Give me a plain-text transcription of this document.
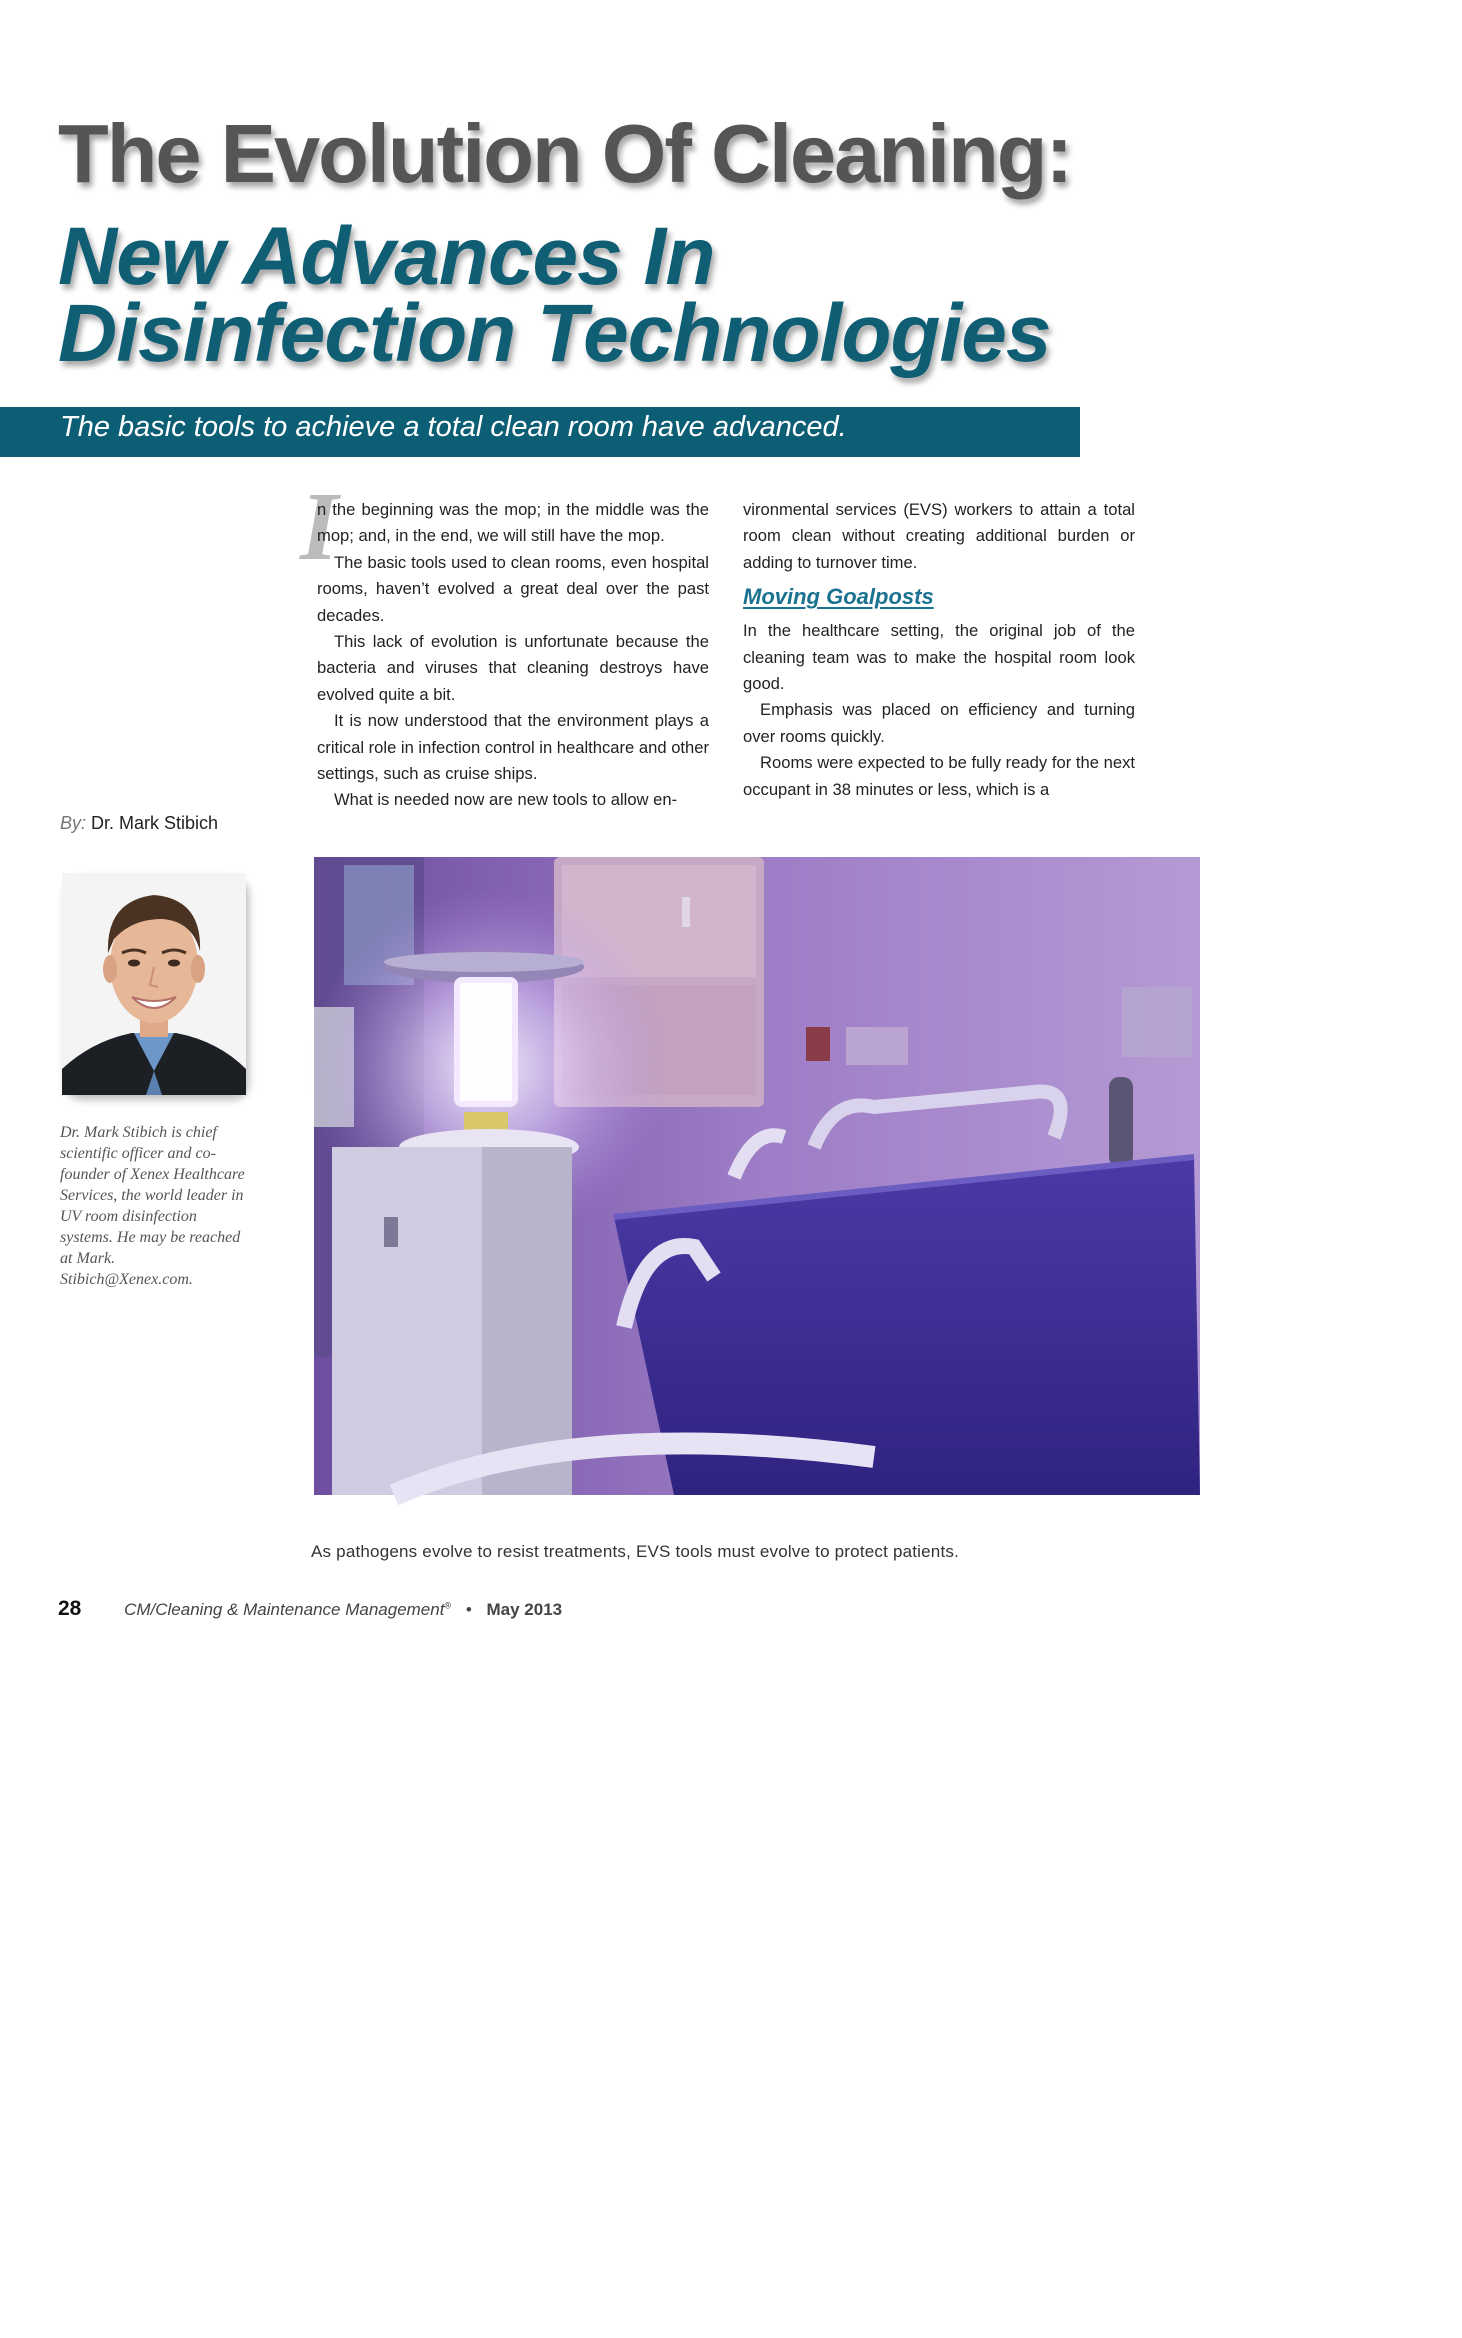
The Evolution Of Cleaning:
New Advances In
Disinfection Technologies
The basic tools to achieve a total clean room have advanced.
I

n the beginning was the mop; in the middle was the mop; and, in the end, we will still have the mop.

The basic tools used to clean rooms, even hospital rooms, haven’t evolved a great deal over the past decades.

This lack of evolution is unfortunate because the bacteria and viruses that cleaning destroys have evolved quite a bit.

It is now understood that the environment plays a critical role in infection control in healthcare and other settings, such as cruise ships.

What is needed now are new tools to allow en-

vironmental services (EVS) workers to attain a total room clean without creating additional burden or adding to turnover time.

Moving Goalposts

In the healthcare setting, the original job of the cleaning team was to make the hospital room look good.

Emphasis was placed on efficiency and turning over rooms quickly.

Rooms were expected to be fully ready for the next occupant in 38 minutes or less, which is a

By: Dr. Mark Stibich
Dr. Mark Stibich is chief scientific officer and co-founder of Xenex Healthcare Services, the world leader in UV room disinfection systems. He may be reached at Mark. Stibich@Xenex.com.
Image courtesy of Xenex Healthcare Services
As pathogens evolve to resist treatments, EVS tools must evolve to protect patients.
28	CM/Cleaning & Maintenance Management® • May 2013
